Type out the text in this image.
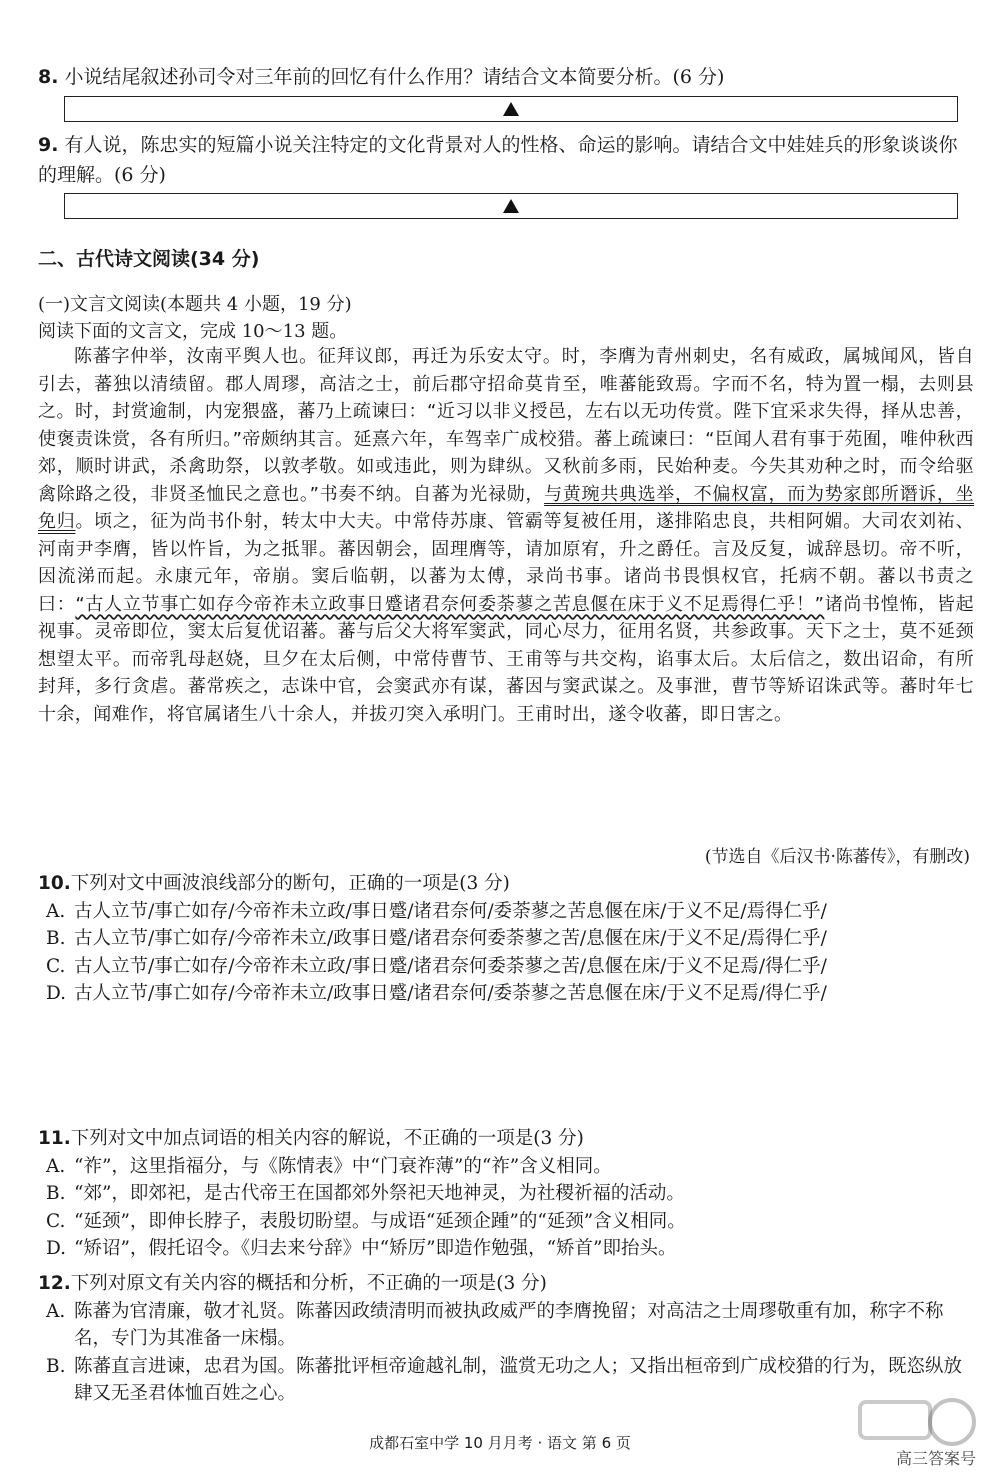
8. 小说结尾叙述孙司令对三年前的回忆有什么作用？请结合文本简要分析。(6 分)
9. 有人说，陈忠实的短篇小说关注特定的文化背景对人的性格、命运的影响。请结合文中娃娃兵的形象谈谈你的理解。(6 分)
二、古代诗文阅读(34 分)
(一)文言文阅读(本题共 4 小题，19 分)
阅读下面的文言文，完成 10～13 题。
陈蕃字仲举，汝南平舆人也。征拜议郎，再迁为乐安太守。时，李膺为青州刺史，名有威政，属城闻风，皆自引去，蕃独以清绩留。郡人周璆，高洁之士，前后郡守招命莫肯至，唯蕃能致焉。字而不名，特为置一榻，去则县之。时，封赏逾制，内宠猥盛，蕃乃上疏谏曰：“近习以非义授邑，左右以无功传赏。陛下宜采求失得，择从忠善，使褒责诛赏，各有所归。”帝颇纳其言。延熹六年，车驾幸广成校猎。蕃上疏谏曰：“臣闻人君有事于苑囿，唯仲秋西郊，顺时讲武，杀禽助祭，以敦孝敬。如或违此，则为肆纵。又秋前多雨，民始种麦。今失其劝种之时，而令给驱禽除路之役，非贤圣恤民之意也。”书奏不纳。自蕃为光禄勋，与黄琬共典选举，不偏权富，而为势家郎所谮诉，坐免归。顷之，征为尚书仆射，转太中大夫。中常侍苏康、管霸等复被任用，遂排陷忠良，共相阿媚。大司农刘祐、河南尹李膺，皆以忤旨，为之抵罪。蕃因朝会，固理膺等，请加原宥，升之爵任。言及反复，诚辞恳切。帝不听，因流涕而起。永康元年，帝崩。窦后临朝，以蕃为太傅，录尚书事。诸尚书畏惧权官，托病不朝。蕃以书责之曰：“古人立节事亡如存今帝祚未立政事日蹙诸君奈何委荼蓼之苦息偃在床于义不足焉得仁乎！”诸尚书惶怖，皆起视事。灵帝即位，窦太后复优诏蕃。蕃与后父大将军窦武，同心尽力，征用名贤，共参政事。天下之士，莫不延颈想望太平。而帝乳母赵娆，旦夕在太后侧，中常侍曹节、王甫等与共交构，谄事太后。太后信之，数出诏命，有所封拜，多行贪虐。蕃常疾之，志诛中官，会窦武亦有谋，蕃因与窦武谋之。及事泄，曹节等矫诏诛武等。蕃时年七十余，闻难作，将官属诸生八十余人，并拔刃突入承明门。王甫时出，遂令收蕃，即日害之。
(节选自《后汉书·陈蕃传》，有删改)
10.下列对文中画波浪线部分的断句，正确的一项是(3 分)
A. 古人立节/事亡如存/今帝祚未立政/事日蹙/诸君奈何/委荼蓼之苦息偃在床/于义不足/焉得仁乎/
B. 古人立节/事亡如存/今帝祚未立/政事日蹙/诸君奈何委荼蓼之苦/息偃在床/于义不足/焉得仁乎/
C. 古人立节/事亡如存/今帝祚未立政/事日蹙/诸君奈何委荼蓼之苦/息偃在床/于义不足焉/得仁乎/
D. 古人立节/事亡如存/今帝祚未立/政事日蹙/诸君奈何/委荼蓼之苦息偃在床/于义不足焉/得仁乎/
11.下列对文中加点词语的相关内容的解说，不正确的一项是(3 分)
A. “祚”，这里指福分，与《陈情表》中“门衰祚薄”的“祚”含义相同。
B. “郊”，即郊祀，是古代帝王在国都郊外祭祀天地神灵，为社稷祈福的活动。
C. “延颈”，即伸长脖子，表殷切盼望。与成语“延颈企踵”的“延颈”含义相同。
D. “矫诏”，假托诏令。《归去来兮辞》中“矫厉”即造作勉强，“矫首”即抬头。
12.下列对原文有关内容的概括和分析，不正确的一项是(3 分)
A. 陈蕃为官清廉，敬才礼贤。陈蕃因政绩清明而被执政威严的李膺挽留；对高洁之士周璆敬重有加，称字不称名，专门为其准备一床榻。
B. 陈蕃直言进谏，忠君为国。陈蕃批评桓帝逾越礼制，滥赏无功之人；又指出桓帝到广成校猎的行为，既恣纵放肆又无圣君体恤百姓之心。
成都石室中学 10 月月考 · 语文 第 6 页
高三答案号
